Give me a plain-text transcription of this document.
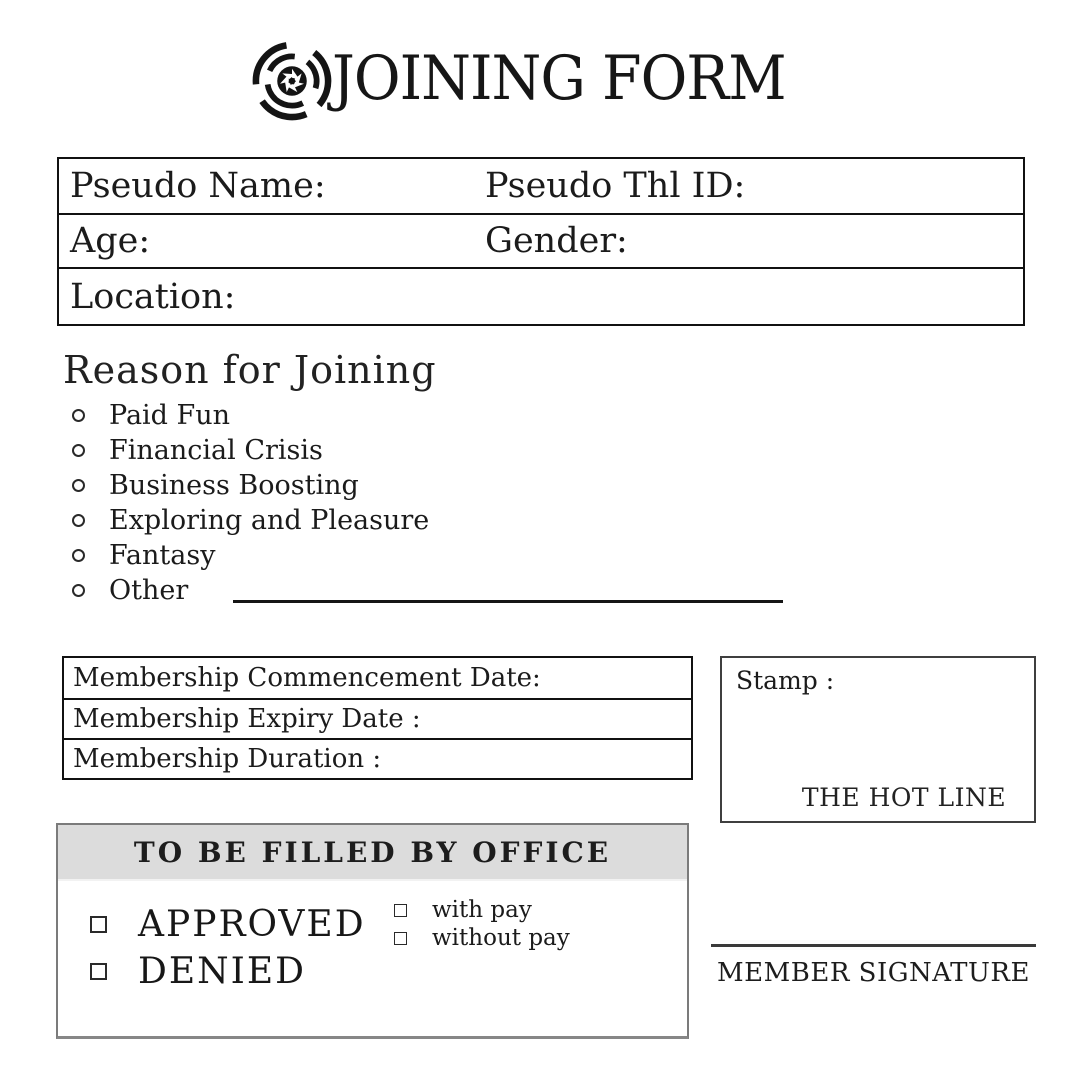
JOINING FORM
Pseudo Name:	Pseudo Thl ID:
Age:	Gender:
Location:
Reason for Joining
Paid Fun
Financial Crisis
Business Boosting
Exploring and Pleasure
Fantasy
Other
Membership Commencement Date:
Membership Expiry Date :
Membership Duration :
Stamp :
THE HOT LINE
TO BE FILLED BY OFFICE
APPROVED
DENIED
with pay
without pay
MEMBER SIGNATURE
